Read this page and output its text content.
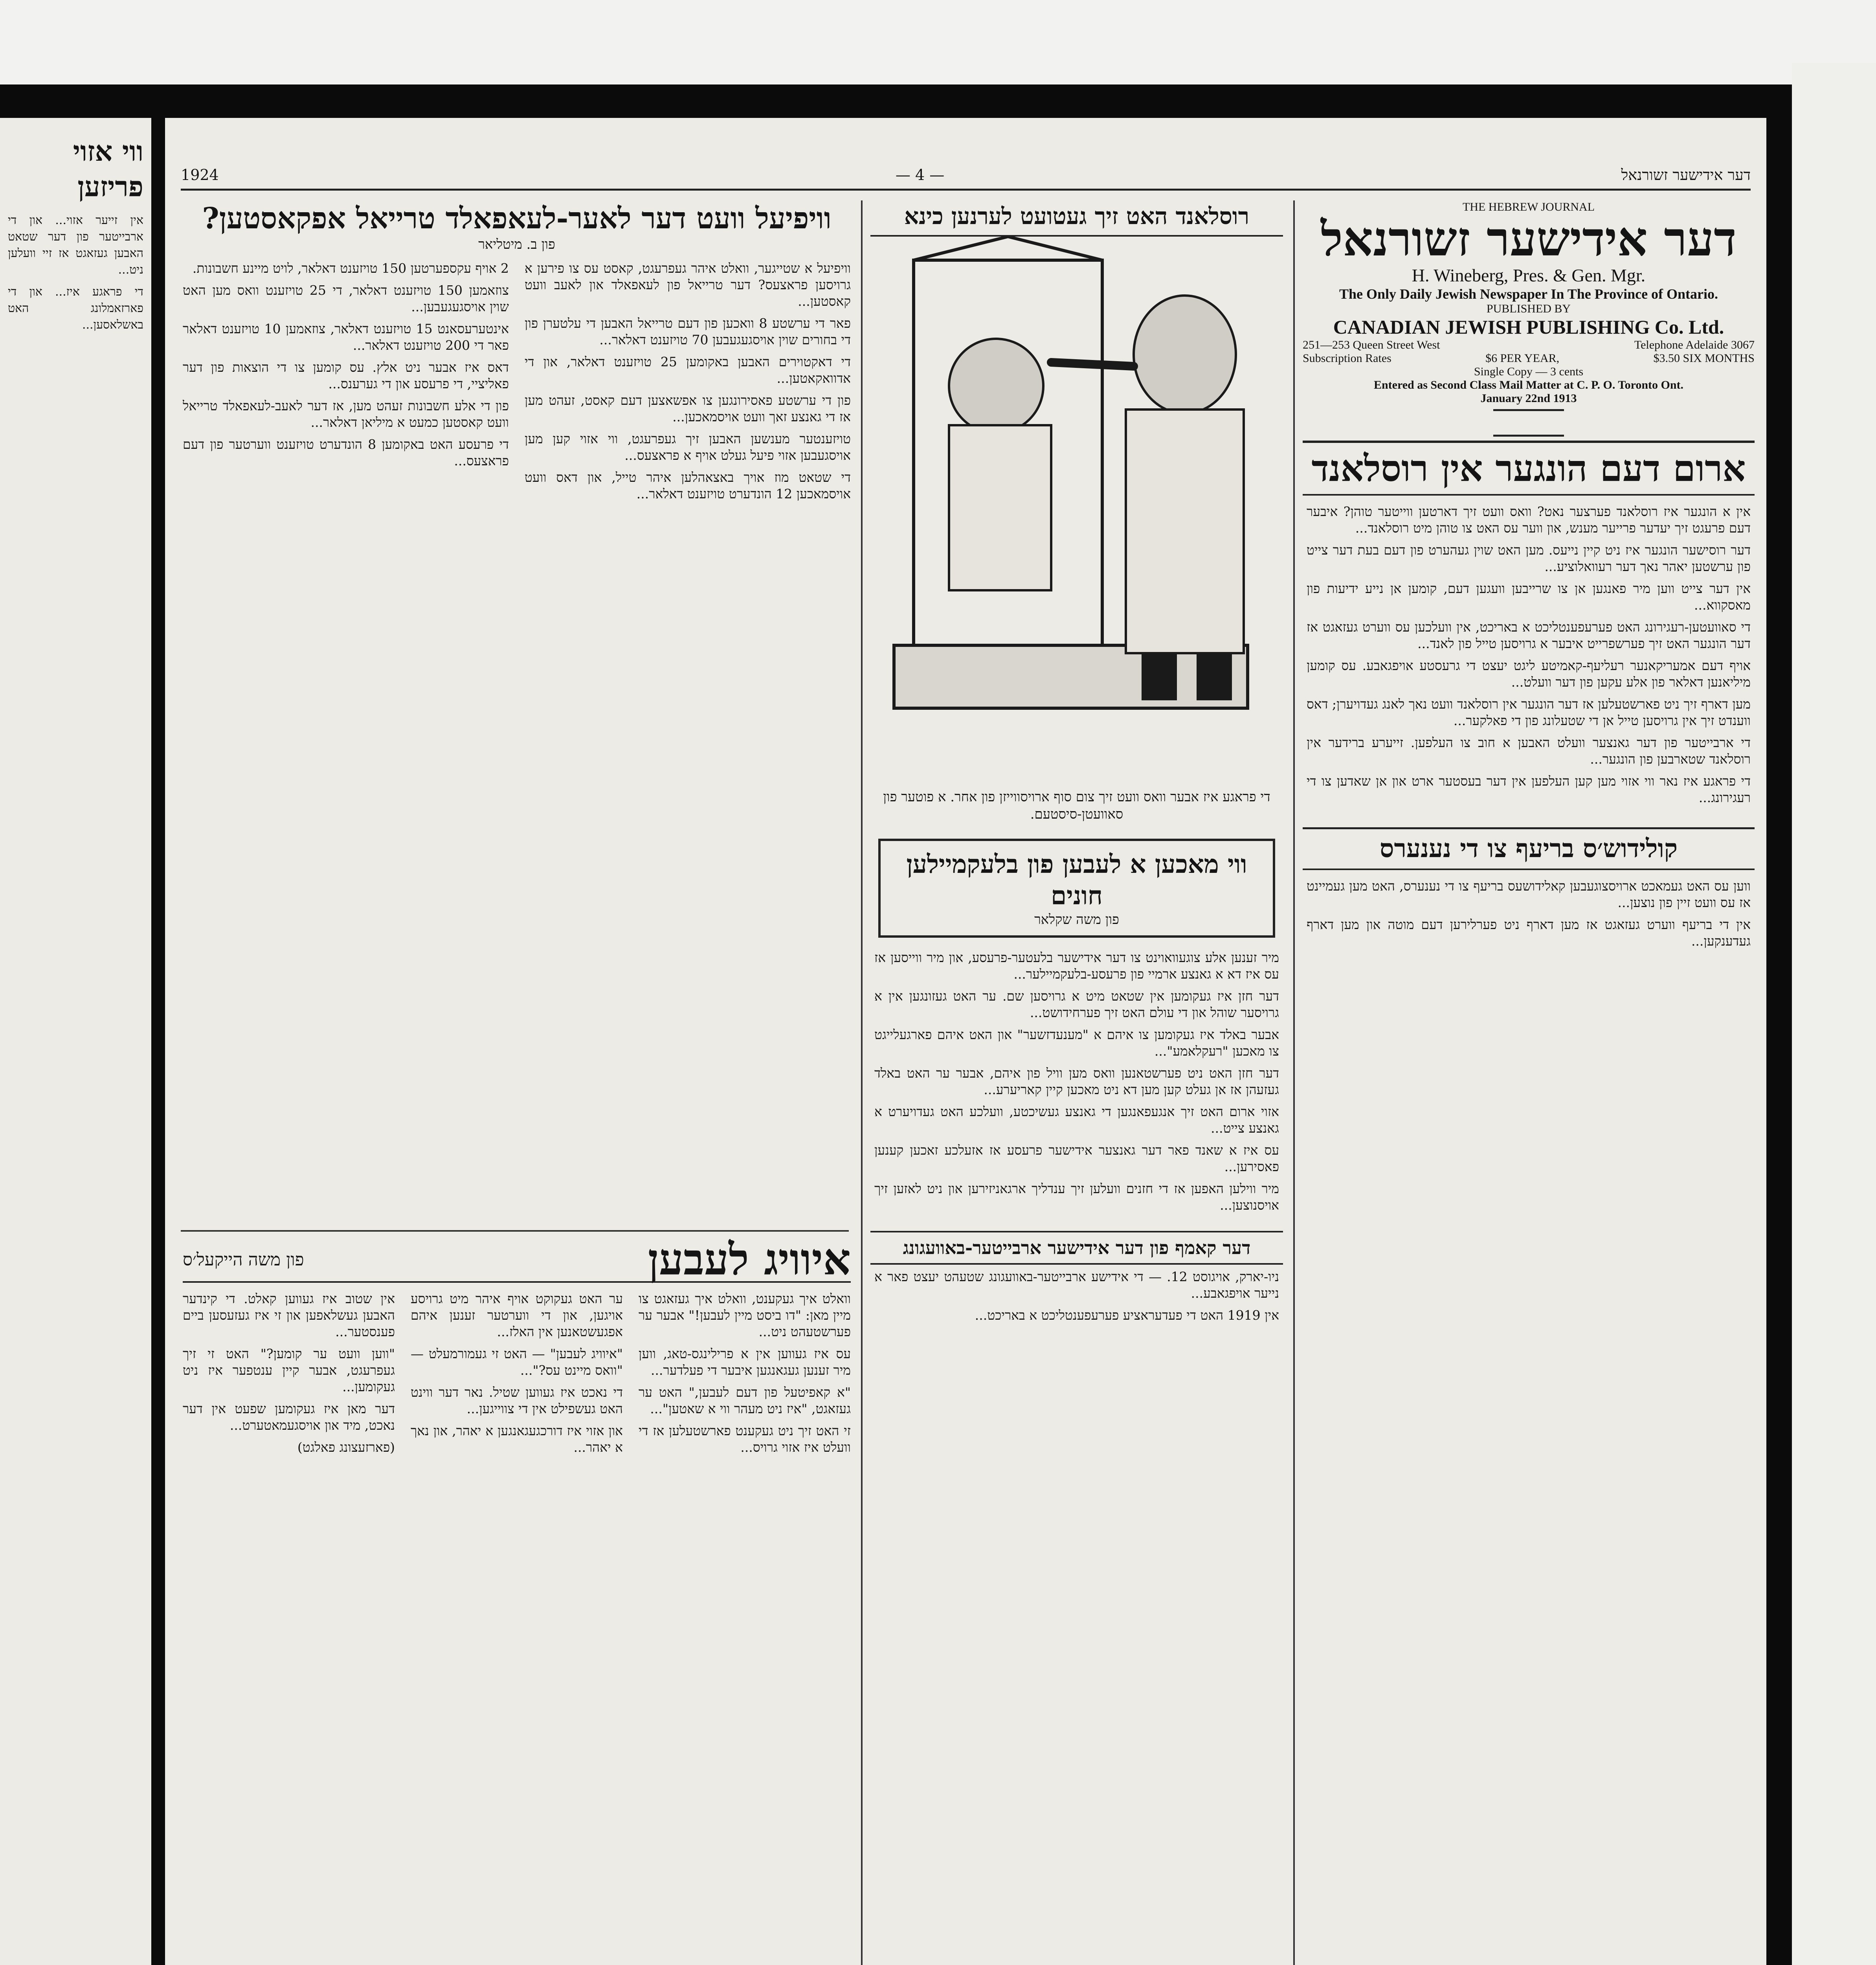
ווי אזוי פריזען

אין זייער אזוי... און די ארבייטער פון דער שטאט האבען געזאגט אז זיי וועלען ניט...

די פראגע איז... און די פארזאמלונג האט באשלאסען...

דער אידישער זשורנאל
— 4 —
1924
THE HEBREW JOURNAL
דער אידישער זשורנאל
H. Wineberg, Pres. & Gen. Mgr.
The Only Daily Jewish Newspaper In The Province of Ontario.
PUBLISHED BY
CANADIAN JEWISH PUBLISHING Co. Ltd.
251—253 Queen Street West	Telephone Adelaide 3067
Subscription Rates	$6 PER YEAR,	$3.50 SIX MONTHS
Single Copy — 3 cents
Entered as Second Class Mail Matter at C. P. O. Toronto Ont.
January 22nd 1913
ארום דעם הונגער אין רוסלאנד

אין א הונגער איז רוסלאנד פערצער נאט? וואס וועט זיך דארטען ווייטער טוהן? איבער דעם פרעגט זיך יעדער פרייער מענש, און ווער עס האט צו טוהן מיט רוסלאנד...

דער רוסישער הונגער איז ניט קיין נייעס. מען האט שוין געהערט פון דעם בעת דער צייט פון ערשטען יאהר נאך דער רעוואלוציע...

אין דער צייט ווען מיר פאנגען אן צו שרייבען וועגען דעם, קומען אן נייע ידיעות פון מאסקווא...

די סאוועטען-רעגירונג האט פערעפענטליכט א באריכט, אין וועלכען עס ווערט געזאגט אז דער הונגער האט זיך פערשפרייט איבער א גרויסען טייל פון לאנד...

אויף דעם אמעריקאנער רעליעף-קאמיטע ליגט יעצט די גרעסטע אויפגאבע. עס קומען מיליאנען דאלאר פון אלע עקען פון דער וועלט...

מען דארף זיך ניט פארשטעלען אז דער הונגער אין רוסלאנד וועט נאך לאנג געדויערן; דאס ווענדט זיך אין גרויסען טייל אן די שטעלונג פון די פאלקער...

די ארבייטער פון דער גאנצער וועלט האבען א חוב צו העלפען. זייערע ברידער אין רוסלאנד שטארבען פון הונגער...

די פראגע איז נאר ווי אזוי מען קען העלפען אין דער בעסטער ארט און אן שאדען צו די רעגירונג...

קולידוש׳ס בריעף צו די נענערס

ווען עס האט געמאכט ארויסצוגעבען קאלידושעס בריעף צו די נענערס, האט מען געמיינט אז עס וועט זיין פון נוצען...

אין די בריעף ווערט געזאגט אז מען דארף ניט פערלירען דעם מוטה און מען דארף געדענקען...

רוסלאנד האט זיך געטועט לערנען כינא
די פראגע איז אבער וואס וועט זיך צום סוף ארויסווייזן פון אחר. א פוטער פון סאוועטן-סיסטעם.
ווי מאכען א לעבען פון בלעקמיילען חונים
פון משה שקלאר

מיר זענען אלע צוגעוואוינט צו דער אידישער בלעטער-פרעסע, און מיר ווייסען אז עס איז דא א גאנצע ארמיי פון פרעסע-בלעקמיילער...

דער חזן איז געקומען אין שטאט מיט א גרויסען שם. ער האט געזונגען אין א גרויסער שוהל און די עולם האט זיך פערחידושט...

אבער באלד איז געקומען צו איהם א "מענעדזשער" און האט איהם פארגעלייגט צו מאכען "רעקלאמע"...

דער חזן האט ניט פערשטאנען וואס מען וויל פון איהם, אבער ער האט באלד געזעהן אז אן געלט קען מען דא ניט מאכען קיין קאריערע...

אזוי ארום האט זיך אנגעפאנגען די גאנצע געשיכטע, וועלכע האט געדויערט א גאנצע צייט...

עס איז א שאנד פאר דער גאנצער אידישער פרעסע אז אזעלכע זאכען קענען פאסירען...

מיר ווילען האפען אז די חזנים וועלען זיך ענדליך ארגאניזירען און ניט לאזען זיך אויסנוצען...

דער קאמף פון דער אידישער ארבייטער-באוועגונג

ניו-יארק, אויגוסט 12. — די אידישע ארבייטער-באוועגונג שטעהט יעצט פאר א נייער אויפגאבע...

אין 1919 האט די פעדעראציע פערעפענטליכט א באריכט...

וויפיעל וועט דער לאער-לעאפאלד טרייאל אפקאסטען?
פון ב. מיטליאר

וויפיעל א שטייגער, וואלט איהר געפרעגט, קאסט עס צו פירען א גרויסען פראצעס? דער טרייאל פון לעאפאלד און לאעב וועט קאסטען...

פאר די ערשטע 8 וואכען פון דעם טרייאל האבען די עלטערן פון די בחורים שוין אויסגעגעבען 70 טויזענט דאלאר...

די דאקטוירים האבען באקומען 25 טויזענט דאלאר, און די אדוואקאטען...

פון די ערשטע פאסירונגען צו אפשאצען דעם קאסט, זעהט מען אז די גאנצע זאך וועט אויסמאכען...

טויזענטער מענשען האבען זיך געפרעגט, ווי אזוי קען מען אויסגעבען אזוי פיעל געלט אויף א פראצעס...

די שטאט מוז אויך באצאהלען איהר טייל, און דאס וועט אויסמאכען 12 הונדערט טויזענט דאלאר...

2 אויף עקספערטען 150 טויזענט דאלאר, לויט מיינע חשבונות.

צוזאמען 150 טויזענט דאלאר, די 25 טויזענט וואס מען האט שוין אויסגעגעבען...

אינטערעסאנט 15 טויזענט דאלאר, צוזאמען 10 טויזענט דאלאר פאר די 200 טויזענט דאלאר...

דאס איז אבער ניט אלץ. עס קומען צו די הוצאות פון דער פאליציי, די פרעסע און די גערענס...

פון די אלע חשבונות זעהט מען, אז דער לאעב-לעאפאלד טרייאל וועט קאסטען כמעט א מיליאן דאלאר...

די פרעסע האט באקומען 8 הונדערט טויזענט ווערטער פון דעם פראצעס...

איוויג לעבען
פון משה הייקעל׳ס

וואלט איך געקענט, וואלט איך געזאגט צו מיין מאן: "דו ביסט מיין לעבען!" אבער ער פערשטעהט ניט...

עס איז געווען אין א פרילינגס-טאג, ווען מיר זענען געגאנגען איבער די פעלדער...

"א קאפיטעל פון דעם לעבען," האט ער געזאגט, "איז ניט מעהר ווי א שאטען"...

זי האט זיך ניט געקענט פארשטעלען אז די וועלט איז אזוי גרויס...

ער האט געקוקט אויף איהר מיט גרויסע אויגען, און די ווערטער זענען איהם אפגעשטאנען אין האלז...

"איוויג לעבען" — האט זי געמורמעלט — "וואס מיינט עס?"...

די נאכט איז געווען שטיל. נאר דער ווינט האט געשפילט אין די צווייגען...

און אזוי איז דורכגעגאנגען א יאהר, און נאך א יאהר...

אין שטוב איז געווען קאלט. די קינדער האבען געשלאפען און זי איז געזעסען ביים פענסטער...

"ווען וועט ער קומען?" האט זי זיך געפרעגט, אבער קיין ענטפער איז ניט געקומען...

דער מאן איז געקומען שפעט אין דער נאכט, מיד און אויסגעמאטערט...

(פארזעצונג פאלגט)
